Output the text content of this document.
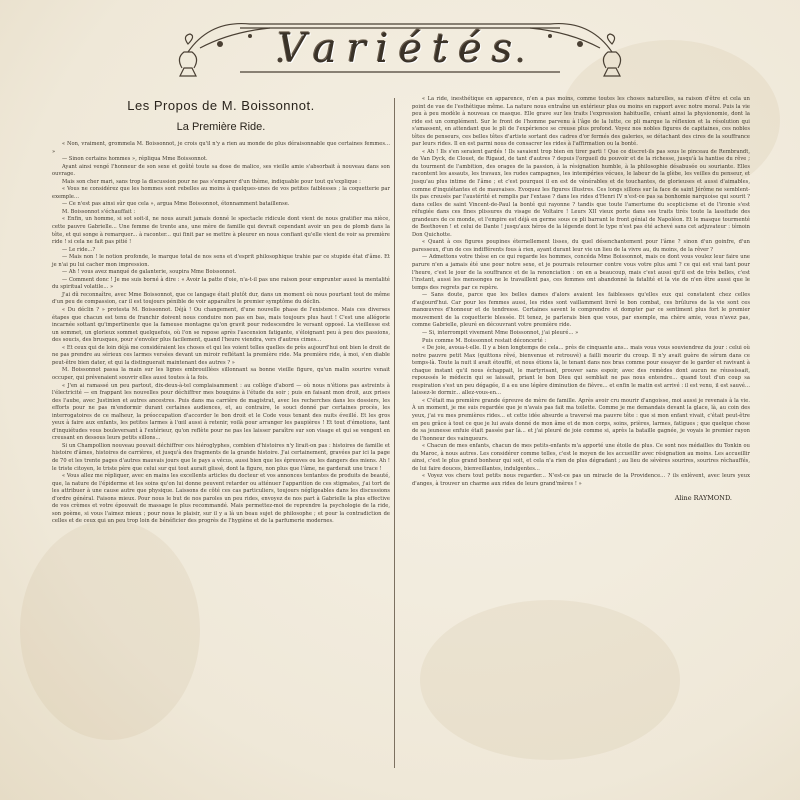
Variétés
Les Propos de M. Boissonnot.
La Première Ride.

« Non, vraiment, grommela M. Boissonnot, je crois qu'il n'y a rien au monde de plus déraisonnable que certaines femmes... »

— Sinon certains hommes », répliqua Mme Boissonnot.

Ayant ainsi vengé l'honneur de son sexe et goûté toute sa dose de malice, ses vieille amie s'absorbait à nouveau dans son ouvrage.

Mais son cher mari, sans trop la discussion pour ne pas s'emparer d'un thème, indiquable pour tout qu'explique :

« Vous ne considérez que les hommes sont rebelles au moins à quelques-unes de vos petites faiblesses ; la coquetterie par exemple...

— Ce n'est pas ainsi sûr que cela », argua Mme Boissonnot, étonnamment bataillense.

M. Boissonnot s'échauffait :

« Enfin, un homme, si sot soit-il, ne nous aurait jamais donné le spectacle ridicule dont vient de nous gratifier ma nièce, cette pauvre Gabrielle... Une femme de trente ans, une mère de famille qui devrait cependant avoir un peu de plomb dans la tête, et qui songe à remarquer... à raconter... qui finit par se mettre à pleurer en nous confiant qu'elle vient de voir sa première ride ! si cela ne fait pas pitié !

— Le ride...?

— Mais non ! le notion profonde, le marque total de nos sens et d'esprit philosophique trahie par ce stupide état d'âme. Et je n'ai pu lui cacher mon impression.

— Ah ! vous avez manqué de galanterie, soupira Mme Boissonnot.

— Comment donc ! Je me suis borné à dire : « Avoir la patte d'oie, n'a-t-il pas une raison pour emprunter aussi la mentalité du spiritual volatile... »

J'ai dû reconnaître, avec Mme Boissonnot, que ce langage était plutôt dur, dans un moment où nous pourtant tout de même d'un peu de compassion, car il est toujours pénible de voir apparaître le premier symptôme du déclin.

« Du déclin ? » protesta M. Boissonnot. Déjà ! Ou changement, d'une nouvelle phase de l'existence. Mais ces diverses étapes que chacun est tenu de franchir doivent nous conduire non pas en bas, mais toujours plus haut ! C'est une allégorie incarnée sottant qu'impertinente que la fameuse montagne qu'on gravit pour redescendre le versant opposé. La vieillesse est un sommet, un glorieux sommet quelquefois, où l'on se repose après l'ascension fatigante, s'éloignant peu à peu des passions, des soucis, des brusques, pour s'envoler plus facilement, quand l'heure viendra, vers d'autres cimes...

« Et ceux qui de loin déjà me considéraient les choses et qui les voient telles quelles de près aujourd'hui ont bien le droit de ne pas prendre au sérieux ces larmes versées devant un miroir reflétant la première ride. Ma première ride, à moi, s'en diable peut-être bien dater, et qui la distinguerait maintenant des autres ? »

M. Boissonnot passa la main sur les lignes embrouillées sillonnant sa bonne vieille figure, qu'un malin sourire venait occuper, qui prévenaient souvrir elles aussi toutes à la fois.

« J'en ai ramassé un peu partout, dix-deux-à-tel complaisamment : au collège d'abord — où nous n'étions pas astreints à l'électricité — en frappant les nouvelles pour déchiffrer mes bouquins à l'étude du soir ; puis en faisant mon droit, aux prises des l'aube, avec Justinien et autres ancestres. Puis dans ma carrière de magistrat, avec les recherches dans les dossiers, les efforts pour ne pas m'endormir durant certaines audiences, et, au contraire, le souci donné par certaines procès, les interrogatoires de ce malheur, la préoccupation d'accorder le bon droit et le Code vous tenant des nuits éveillé. Et les gros yeux à faire aux enfants, les petites larmes à l'œil aussi à retenir, voilà pour arranger les paupières ! Et tout d'émotions, tant d'inquiétudes vous bouleversant à l'extérieur, qu'on reflète pour ne pas les laisser paraître sur son visage et qui se vengent en creusant en dessous leurs petits sillons...

Si un Champollion nouveau pouvait déchiffrer ces hiéroglyphes, combien d'histoires n'y lirait-on pas : histoires de famille et histoire d'âmes, histoires de carrières, et jusqu'à des fragments de la grande histoire. J'ai certainement, gravées par ici la page de 70 et les trente pages d'autres mauvais jours que le pays a vécus, aussi bien que les épreuves ou les dangers des miens. Ah ! le triste citoyen, le triste père que celui sur qui tout aurait glissé, dont la figure, non plus que l'âme, ne garderait une trace !

« Vous allez me répliquer, avec en mains les excellents articles du docteur et vos annonces tentantes de produits de beauté, que, la nature de l'épiderme et les soins qu'on lui donne peuvent retarder ou atténuer l'apparition de ces stigmates, j'ai tort de les attribuer à une cause autre que physique. Laissons de côté ces cas particuliers, toujours négligeables dans les discussions d'ordre général. Faisons mieux. Pour nous le but de nos paroles un peu rides, envoyez de nos part à Gabrielle la plus effective de vos crèmes et votre épouvait de massage le plus recommandé. Mais permettez-moi de reprendre la psychologie de la ride, son poème, si vous l'aimez mieux ; pour nous le plaisir, sur il y a là un beau sujet de philosophe ; et pour la contradiction de celles et de ceux qui un peu trop loin de bénéficier des progrès de l'hygiène et de la parfumerie modernes.

« La ride, inesthétique en apparence, n'en a pas moins, comme toutes les choses naturelles, sa raison d'être et cela un point de vue de l'esthétique même. La nature nous entraîne un extérieur plus ou moins en rapport avec notre moral. Puis la vie peu à peu modèle à nouveau ce masque. Elle grave sur les traits l'expression habituelle, créant ainsi la physionomie, dont la ride est un complément. Sur le front de l'homme parvenu à l'âge de la lutte, ce pli marque la réflexion et la résolution qui s'amassent, en attendant que le pli de l'expérience se creuse plus profond. Voyez nos nobles figures de capitaines, ces nobles têtes de penseurs, ces belles têtes d'artiste sortant des cadres d'or fermés des galeries, se détachant des cires de la souffrance par leurs rides. Il en est parmi nous de consacrer les rides à l'affirmation ou la bonté.

« Ah ! Ils s'en seraient gardés ! Ils savaient trop bien en tirer parti ! Que ce discret-ils pas sous le pinceau de Rembrandt, de Van Dyck, de Clouet, de Rigaud, de tant d'autres ? depuis l'orgueil du pouvoir et de la richesse, jusqu'à la hantise du rêve ; du tourment de l'ambition, des orages de la passion, à la résignation humble, à la philosophie désabusée ou souriante. Elles racontent les assauts, les travaux, les rudes campagnes, les intempéries vécues, le labeur de la glèbe, les veilles du penseur, et jusqu'au plus intime de l'âme ; et c'est pourquoi il en est de vénérables et de touchantes, de glorieuses et aussi d'aimables, comme d'inquiétantes et de mauvaises. Evoquez les figures illustres. Ces longs sillons sur la face de saint Jérôme ne semblent-ils pas creusés par l'austérité et remplis par l'extase ? dans les rides d'Henri IV n'est-ce pas sa bonhomie narquoise qui sourit ? dans celles de saint Vincent-de-Paul la bonté qui rayonne ? tandis que toute l'amertume du scepticisme et de l'ironie s'est réfugiée dans ces fines plissures du visage de Voltaire ! Leurs XII vieux porte dans ses traits tirés toute la lassitude des grandeurs de ce monde, et l'empire est déjà en germe sous ce pli barrant le front génial de Napoléon. Et le masque tourmenté de Beethoven ! et celui de Dante ! jusqu'aux héros de la légende dont le type n'est pas été achevé sans cet adjuvateur : témoin Don Quichotte.

« Quant à ces figures poupines éternellement lisses, du quel désenchantement pour l'âme ? sinon d'un goinfre, d'un paresseux, d'un de ces indifférents fous à rien, ayant durant leur vie un lieu de la vivre au, du moins, de la rêver ?

— Admettons votre thèse en ce qui regarde les hommes, concéda Mme Boissonnot, mais ce dont vous voulez leur faire une parure n'en a jamais été une pour notre sexe, et je pourrais retourner contre vous votre plus ami ? ce qui est vrai tant pour l'heure, c'est le jour de la souffrance et de la renonciation : on en a beaucoup, mais c'est aussi qu'il est de très belles, c'est l'instant, aussi les mensonges ne le travaillent pas, ces femmes ont abandonné la fatalité et la vie de n'en être aussi que le temps des regrets par ce repère.

— Sans doute, parce que les belles dames d'alors avaient les faiblesses qu'elles eux qui constatent chez celles d'aujourd'hui. Car pour les femmes aussi, les rides sont vaillamment livré le bon combat, ces brûlures de la vie sont ces manœuvres d'honneur et de tendresse. Certaines savent le comprendre et dompter par ce sentiment plus fort le premier mouvement de la coquetterie blessée. Et tenez, je parlerais bien que vous, par exemple, ma chère amie, vous n'avez pas, comme Gabrielle, pleuré en découvrant votre première ride.

— Si, interrompit vivement Mme Boissonnot, j'ai pleuré... »

Puis comme M. Boissonnot restait déconcerté :

« De joie, avoua-t-elle. Il y a bien longtemps de cela... près de cinquante ans... mais vous vous souviendrez du jour : celui où notre pauvre petit Max (quittons rêvé, bienvenue et retrouvé) a failli mourir du croup. Il n'y avait guère de sérum dans ce temps-là. Toute la nuit il avait étouffé, et nous étions là, le tenant dans nos bras comme pour essayer de le garder et ravivant à chaque instant qu'il nous échappait, le martyrisant, prouver sans espoir, avec des remèdes dont aucun ne réussissait, repoussés le médecin qui se laissait, priant le bon Dieu qui semblait ne pas nous entendre... quand tout d'un coup sa respiration s'est un peu dégagée, il a eu une légère diminution de fièvre... et enfin le matin est arrivé : il est venu, il est sauvé... laissez-le dormir... allez-vous-en...

« C'était ma première grande épreuve de mère de famille. Après avoir cru mourir d'angoisse, moi aussi je revenais à la vie. À un moment, je me suis regardée que je n'avais pas fait ma toilette. Comme je me demandais devant la glace, là, au coin des yeux, j'ai vu mes premières rides... et cette idée absurde a traversé ma pauvre tête : que si mon enfant vivait, c'était peut-être en peu grâce à tout ce que je lui avais donné de mon âme et de mon corps, soins, prières, larmes, fatigues ; que quelque chose de sa jeunesse enfuie était passée par là... et j'ai pleuré de joie comme si, après la bataille gagnée, je voyais le premier rayon de l'honneur des vainqueurs.

« Chacun de mes enfants, chacun de mes petits-enfants m'a apporté une étoile de plus. Ce sont nos médailles du Tonkin ou du Maroc, à nous autres. Les considérer comme telles, c'est le moyen de les accueillir avec résignation au moins. Les accueillir ainsi, c'est le plus grand bonheur qui soit, et cela n'a rien de plus dégradant ; au lieu de sévères sourires, sourires réchauffés, de lui faire douces, bienveillantes, indulgentes...

« Voyez vos chers tout petits nous regarder... N'est-ce pas un miracle de la Providence... ? ils enlèvent, avec leurs yeux d'anges, à trouver un charme aux rides de leurs grand'mères ! »

Aline RAYMOND.
